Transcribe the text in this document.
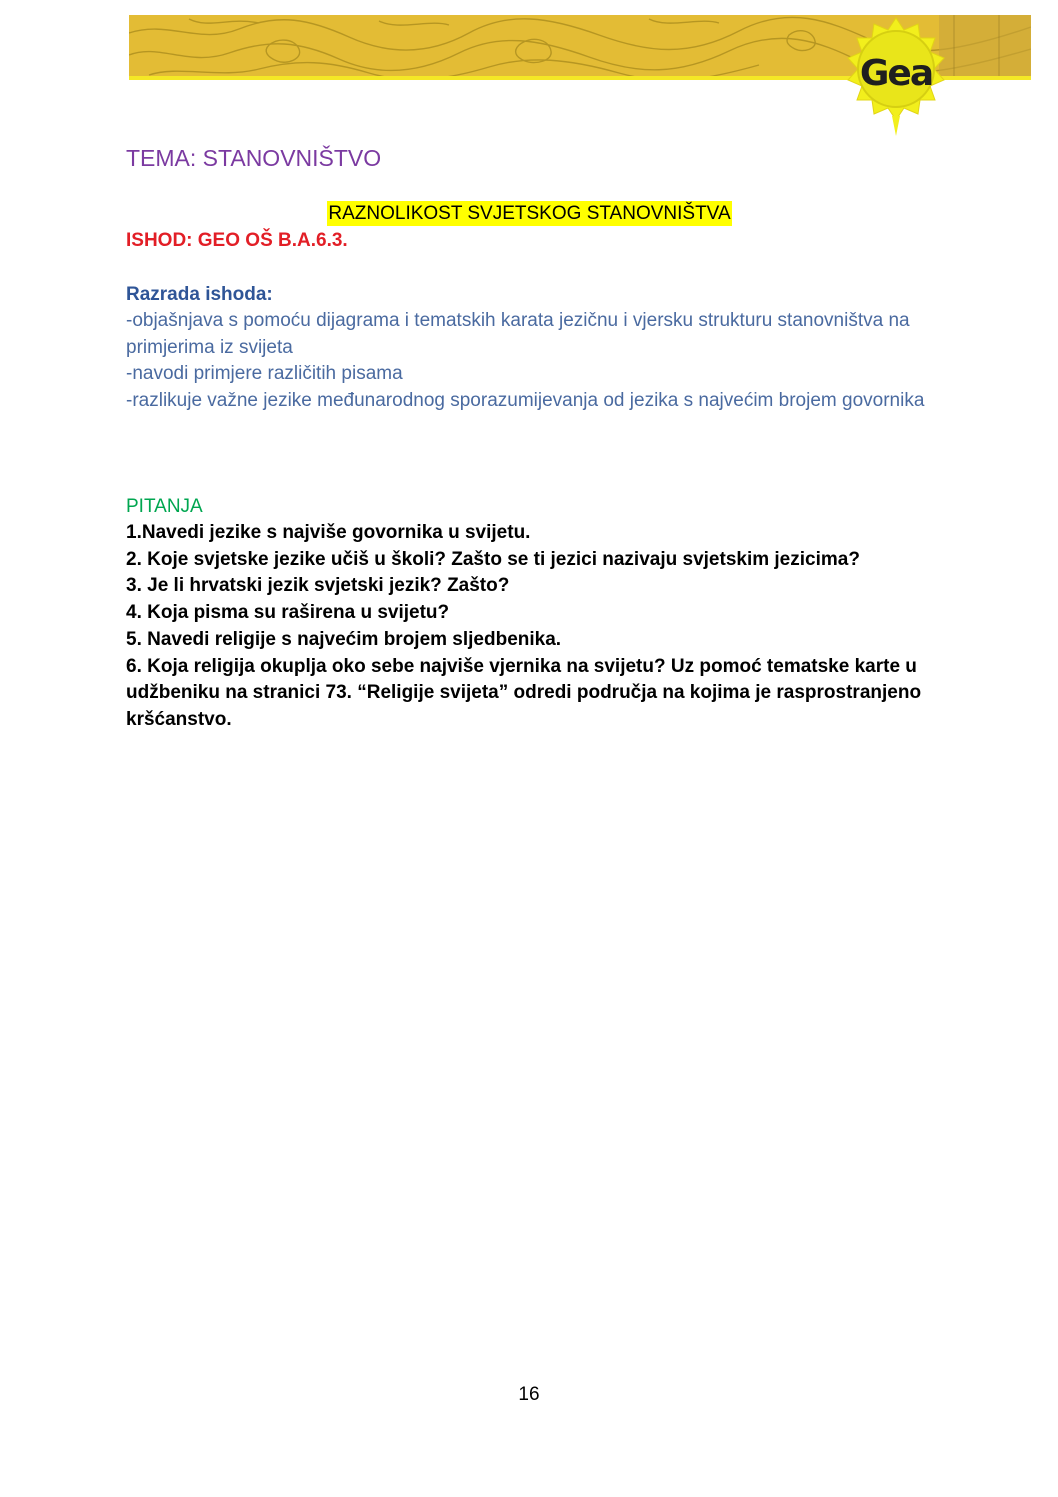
Gea
TEMA: STANOVNIŠTVO
RAZNOLIKOST SVJETSKOG STANOVNIŠTVA
ISHOD: GEO OŠ B.A.6.3.
Razrada ishoda:
-objašnjava s pomoću dijagrama i tematskih karata jezičnu i vjersku strukturu stanovništva na primjerima iz svijeta
-navodi primjere različitih pisama
-razlikuje važne jezike međunarodnog sporazumijevanja od jezika s najvećim brojem govornika
PITANJA
1.Navedi jezike s najviše govornika u svijetu.
2. Koje svjetske jezike učiš u školi? Zašto se ti jezici nazivaju svjetskim jezicima?
3. Je li hrvatski jezik svjetski jezik? Zašto?
4. Koja pisma su raširena u svijetu?
5. Navedi religije s najvećim brojem sljedbenika.
6. Koja religija okuplja oko sebe najviše vjernika na svijetu? Uz pomoć tematske karte u udžbeniku na stranici 73. “Religije svijeta” odredi područja na kojima je rasprostranjeno kršćanstvo.
16
